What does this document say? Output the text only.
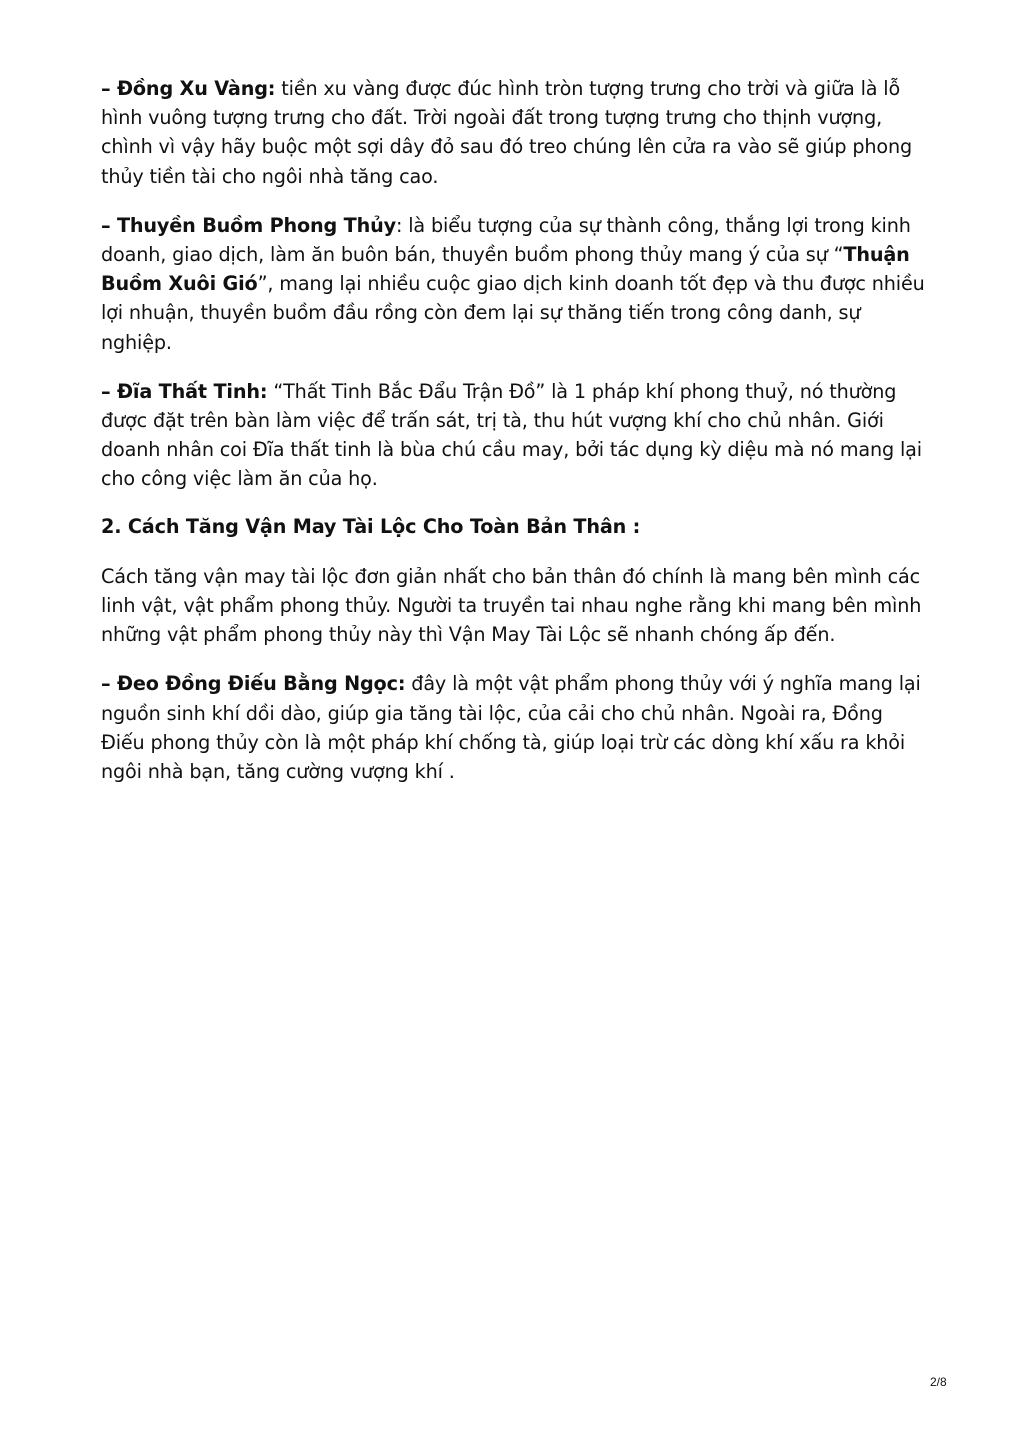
– Đồng Xu Vàng: tiền xu vàng được đúc hình tròn tượng trưng cho trời và giữa là lỗ hình vuông tượng trưng cho đất. Trời ngoài đất trong tượng trưng cho thịnh vượng, chình vì vậy hãy buộc một sợi dây đỏ sau đó treo chúng lên cửa ra vào sẽ giúp phong thủy tiền tài cho ngôi nhà tăng cao.

– Thuyền Buồm Phong Thủy: là biểu tượng của sự thành công, thắng lợi trong kinh doanh, giao dịch, làm ăn buôn bán, thuyền buồm phong thủy mang ý của sự “Thuận Buồm Xuôi Gió”, mang lại nhiều cuộc giao dịch kinh doanh tốt đẹp và thu được nhiều lợi nhuận, thuyền buồm đầu rồng còn đem lại sự thăng tiến trong công danh, sự nghiệp.

– Đĩa Thất Tinh: “Thất Tinh Bắc Đẩu Trận Đồ” là 1 pháp khí phong thuỷ, nó thường được đặt trên bàn làm việc để trấn sát, trị tà, thu hút vượng khí cho chủ nhân. Giới doanh nhân coi Đĩa thất tinh là bùa chú cầu may, bởi tác dụng kỳ diệu mà nó mang lại cho công việc làm ăn của họ.

2. Cách Tăng Vận May Tài Lộc Cho Toàn Bản Thân :

Cách tăng vận may tài lộc đơn giản nhất cho bản thân đó chính là mang bên mình các linh vật, vật phẩm phong thủy. Người ta truyền tai nhau nghe rằng khi mang bên mình những vật phẩm phong thủy này thì Vận May Tài Lộc sẽ nhanh chóng ấp đến.

– Đeo Đồng Điếu Bằng Ngọc: đây là một vật phẩm phong thủy với ý nghĩa mang lại nguồn sinh khí dồi dào, giúp gia tăng tài lộc, của cải cho chủ nhân. Ngoài ra, Đồng Điếu phong thủy còn là một pháp khí chống tà, giúp loại trừ các dòng khí xấu ra khỏi ngôi nhà bạn, tăng cường vượng khí .

2/8
